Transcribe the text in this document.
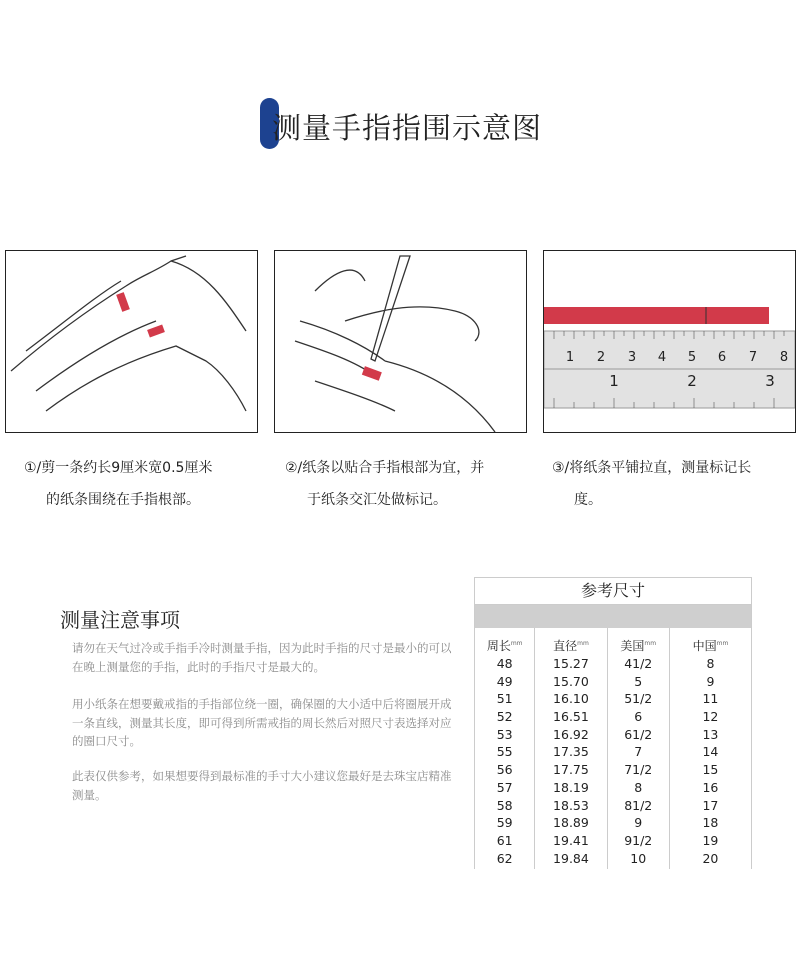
测量手指指围示意图
1 2 3 4 5 6 7 8
1	2	3
①/剪一条约长9厘米宽0.5厘米
的纸条围绕在手指根部。
②/纸条以贴合手指根部为宜，并
于纸条交汇处做标记。
③/将纸条平铺拉直，测量标记长
度。
测量注意事项
请勿在天气过冷或手指手冷时测量手指，因为此时手指的尺寸是最小的可以在晚上测量您的手指，此时的手指尺寸是最大的。
用小纸条在想要戴戒指的手指部位绕一圈，确保圈的大小适中后将圈展开成一条直线，测量其长度，即可得到所需戒指的周长然后对照尺寸表选择对应的圈口尺寸。
此表仅供参考，如果想要得到最标准的手寸大小建议您最好是去珠宝店精准测量。
参考尺寸
周长$^{mm}$
48
49
51
52
53
55
56
57
58
59
61
62
直径$^{mm}$
15.27
15.70
16.10
16.51
16.92
17.35
17.75
18.19
18.53
18.89
19.41
19.84
美国$^{mm}$
41/2
5
51/2
6
61/2
7
71/2
8
81/2
9
91/2
10
中国$^{mm}$
8
9
11
12
13
14
15
16
17
18
19
20
